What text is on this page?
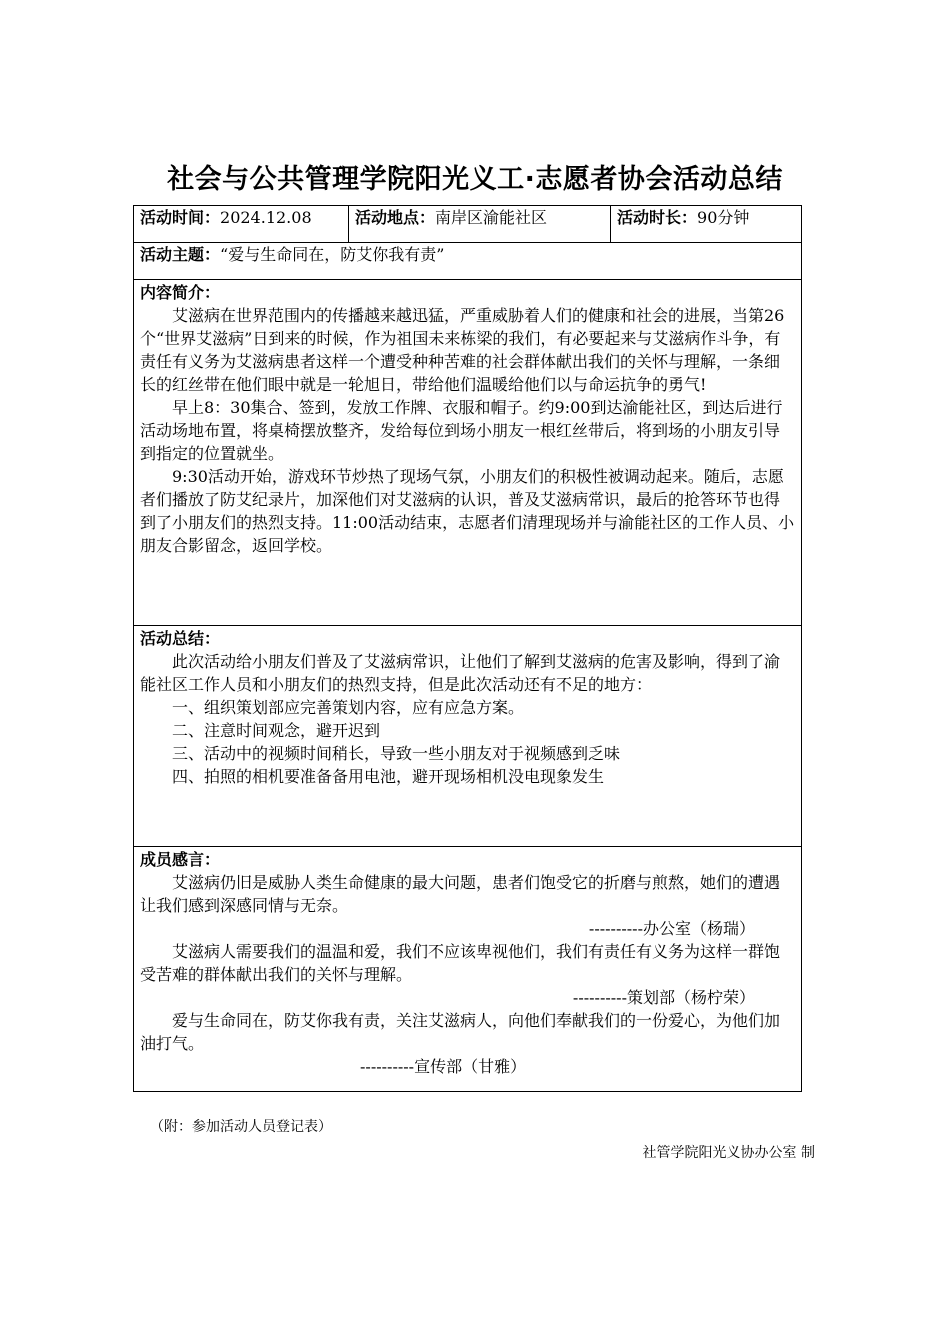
社会与公共管理学院阳光义工·志愿者协会活动总结
活动时间：2024.12.08	活动地点：南岸区渝能社区	活动时长：90分钟
活动主题：“爱与生命同在，防艾你我有责”

内容简介：

艾滋病在世界范围内的传播越来越迅猛，严重威胁着人们的健康和社会的进展，当第26个“世界艾滋病”日到来的时候，作为祖国未来栋梁的我们，有必要起来与艾滋病作斗争，有责任有义务为艾滋病患者这样一个遭受种种苦难的社会群体献出我们的关怀与理解，一条细长的红丝带在他们眼中就是一轮旭日，带给他们温暖给他们以与命运抗争的勇气!

早上8：30集合、签到，发放工作牌、衣服和帽子。约9:00到达渝能社区，到达后进行活动场地布置，将桌椅摆放整齐，发给每位到场小朋友一根红丝带后，将到场的小朋友引导到指定的位置就坐。

9:30活动开始，游戏环节炒热了现场气氛，小朋友们的积极性被调动起来。随后，志愿者们播放了防艾纪录片，加深他们对艾滋病的认识，普及艾滋病常识，最后的抢答环节也得到了小朋友们的热烈支持。11:00活动结束，志愿者们清理现场并与渝能社区的工作人员、小朋友合影留念，返回学校。

活动总结：

此次活动给小朋友们普及了艾滋病常识，让他们了解到艾滋病的危害及影响，得到了渝能社区工作人员和小朋友们的热烈支持，但是此次活动还有不足的地方：

一、组织策划部应完善策划内容，应有应急方案。

二、注意时间观念，避开迟到

三、活动中的视频时间稍长，导致一些小朋友对于视频感到乏味

四、拍照的相机要准备备用电池，避开现场相机没电现象发生

成员感言：

艾滋病仍旧是威胁人类生命健康的最大问题，患者们饱受它的折磨与煎熬，她们的遭遇让我们感到深感同情与无奈。

----------办公室（杨瑞）

艾滋病人需要我们的温温和爱，我们不应该卑视他们，我们有责任有义务为这样一群饱受苦难的群体献出我们的关怀与理解。

----------策划部（杨柠荣）

爱与生命同在，防艾你我有责，关注艾滋病人，向他们奉献我们的一份爱心，为他们加油打气。

----------宣传部（甘雅）

（附：参加活动人员登记表）
社管学院阳光义协办公室 制
